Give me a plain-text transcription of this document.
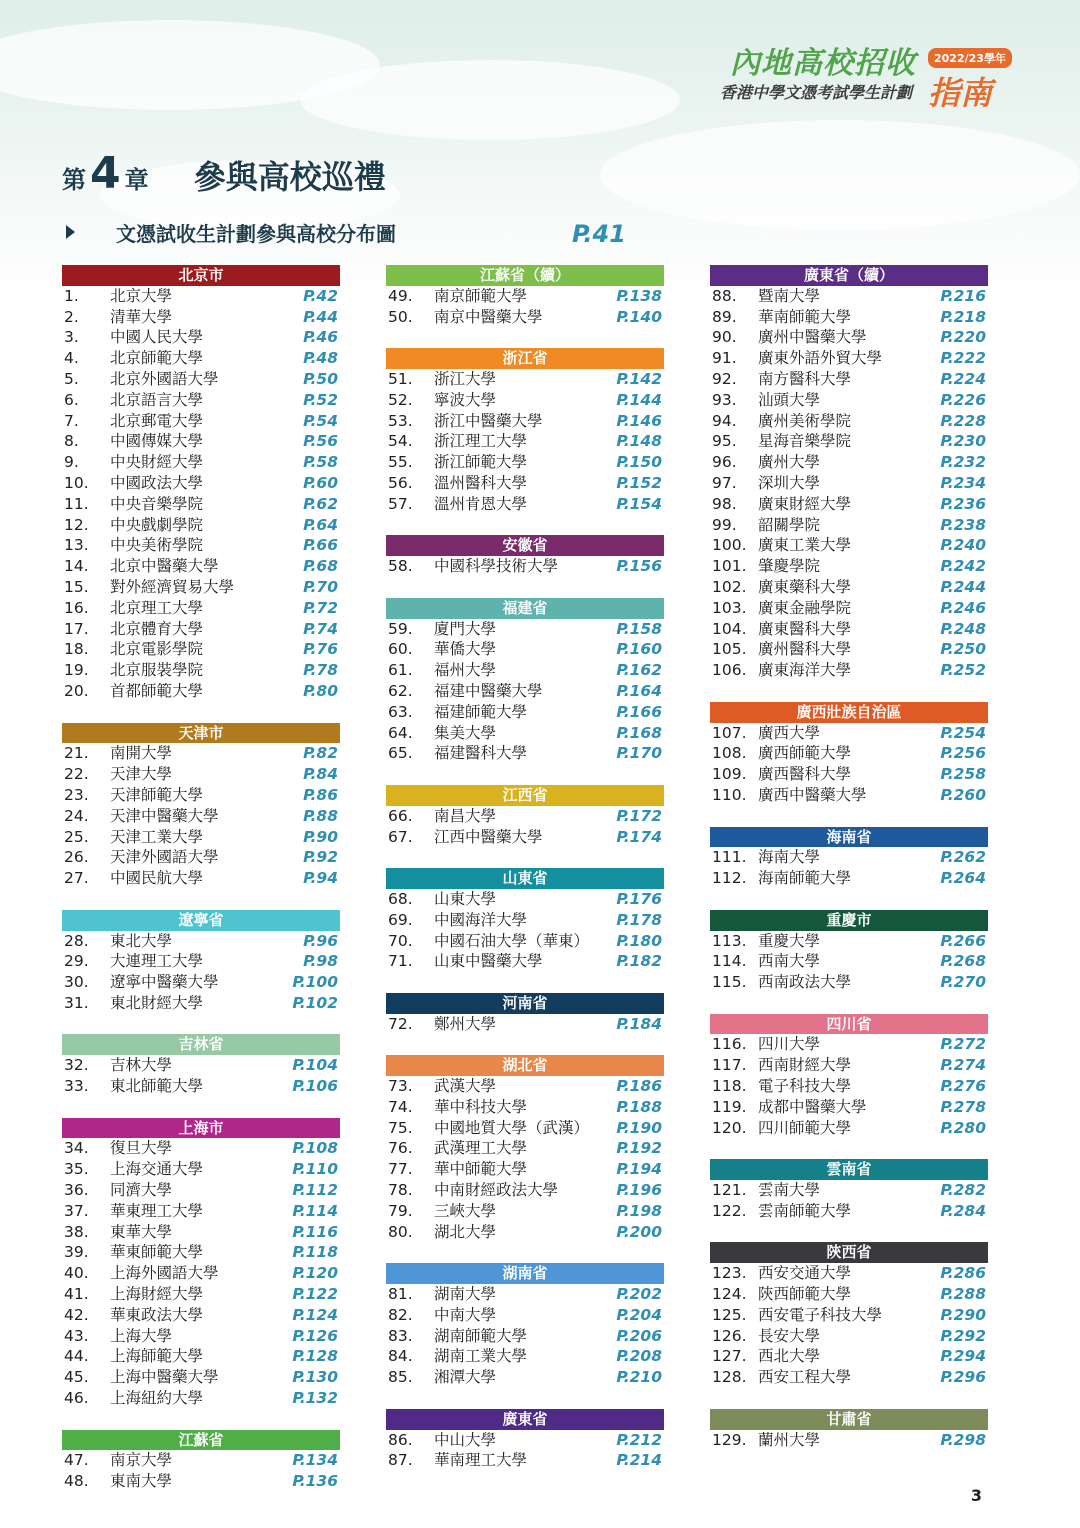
內地高校招收	2022/23學年
香港中學文憑考試學生計劃 指南
第4 章 參與高校巡禮
文憑試收生計劃參與高校分布圖	P.41
北京市
1. 北京大學	P.42
2. 清華大學	P.44
3. 中國人民大學	P.46
4. 北京師範大學	P.48
5. 北京外國語大學	P.50
6. 北京語言大學	P.52
7. 北京郵電大學	P.54
8. 中國傳媒大學	P.56
9. 中央財經大學	P.58
10. 中國政法大學	P.60
11. 中央音樂學院	P.62
12. 中央戲劇學院	P.64
13. 中央美術學院	P.66
14. 北京中醫藥大學	P.68
15. 對外經濟貿易大學	P.70
16. 北京理工大學	P.72
17. 北京體育大學	P.74
18. 北京電影學院	P.76
19. 北京服裝學院	P.78
20. 首都師範大學	P.80
天津市
21. 南開大學	P.82
22. 天津大學	P.84
23. 天津師範大學	P.86
24. 天津中醫藥大學	P.88
25. 天津工業大學	P.90
26. 天津外國語大學	P.92
27. 中國民航大學	P.94
遼寧省
28. 東北大學	P.96
29. 大連理工大學	P.98
30. 遼寧中醫藥大學	P.100
31. 東北財經大學	P.102
吉林省
32. 吉林大學	P.104
33. 東北師範大學	P.106
上海市
34. 復旦大學	P.108
35. 上海交通大學	P.110
36. 同濟大學	P.112
37. 華東理工大學	P.114
38. 東華大學	P.116
39. 華東師範大學	P.118
40. 上海外國語大學	P.120
41. 上海財經大學	P.122
42. 華東政法大學	P.124
43. 上海大學	P.126
44. 上海師範大學	P.128
45. 上海中醫藥大學	P.130
46. 上海紐約大學	P.132
江蘇省
47. 南京大學	P.134
48. 東南大學	P.136
江蘇省（續）
49. 南京師範大學	P.138
50. 南京中醫藥大學	P.140
浙江省
51. 浙江大學	P.142
52. 寧波大學	P.144
53. 浙江中醫藥大學	P.146
54. 浙江理工大學	P.148
55. 浙江師範大學	P.150
56. 溫州醫科大學	P.152
57. 溫州肯恩大學	P.154
安徽省
58. 中國科學技術大學	P.156
福建省
59. 廈門大學	P.158
60. 華僑大學	P.160
61. 福州大學	P.162
62. 福建中醫藥大學	P.164
63. 福建師範大學	P.166
64. 集美大學	P.168
65. 福建醫科大學	P.170
江西省
66. 南昌大學	P.172
67. 江西中醫藥大學	P.174
山東省
68. 山東大學	P.176
69. 中國海洋大學	P.178
70. 中國石油大學（華東） P.180
71. 山東中醫藥大學	P.182
河南省
72. 鄭州大學	P.184
湖北省
73. 武漢大學	P.186
74. 華中科技大學	P.188
75. 中國地質大學（武漢） P.190
76. 武漢理工大學	P.192
77. 華中師範大學	P.194
78. 中南財經政法大學	P.196
79. 三峽大學	P.198
80. 湖北大學	P.200
湖南省
81. 湖南大學	P.202
82. 中南大學	P.204
83. 湖南師範大學	P.206
84. 湖南工業大學	P.208
85. 湘潭大學	P.210
廣東省
86. 中山大學	P.212
87. 華南理工大學	P.214
廣東省（續）
88. 暨南大學	P.216
89. 華南師範大學	P.218
90. 廣州中醫藥大學	P.220
91. 廣東外語外貿大學	P.222
92. 南方醫科大學	P.224
93. 汕頭大學	P.226
94. 廣州美術學院	P.228
95. 星海音樂學院	P.230
96. 廣州大學	P.232
97. 深圳大學	P.234
98. 廣東財經大學	P.236
99. 韶關學院	P.238
100. 廣東工業大學	P.240
101. 肇慶學院	P.242
102. 廣東藥科大學	P.244
103. 廣東金融學院	P.246
104. 廣東醫科大學	P.248
105. 廣州醫科大學	P.250
106. 廣東海洋大學	P.252
廣西壯族自治區
107. 廣西大學	P.254
108. 廣西師範大學	P.256
109. 廣西醫科大學	P.258
110. 廣西中醫藥大學	P.260
海南省
111. 海南大學	P.262
112. 海南師範大學	P.264
重慶市
113. 重慶大學	P.266
114. 西南大學	P.268
115. 西南政法大學	P.270
四川省
116. 四川大學	P.272
117. 西南財經大學	P.274
118. 電子科技大學	P.276
119. 成都中醫藥大學	P.278
120. 四川師範大學	P.280
雲南省
121. 雲南大學	P.282
122. 雲南師範大學	P.284
陝西省
123. 西安交通大學	P.286
124. 陝西師範大學	P.288
125. 西安電子科技大學	P.290
126. 長安大學	P.292
127. 西北大學	P.294
128. 西安工程大學	P.296
甘肅省
129. 蘭州大學	P.298
3
